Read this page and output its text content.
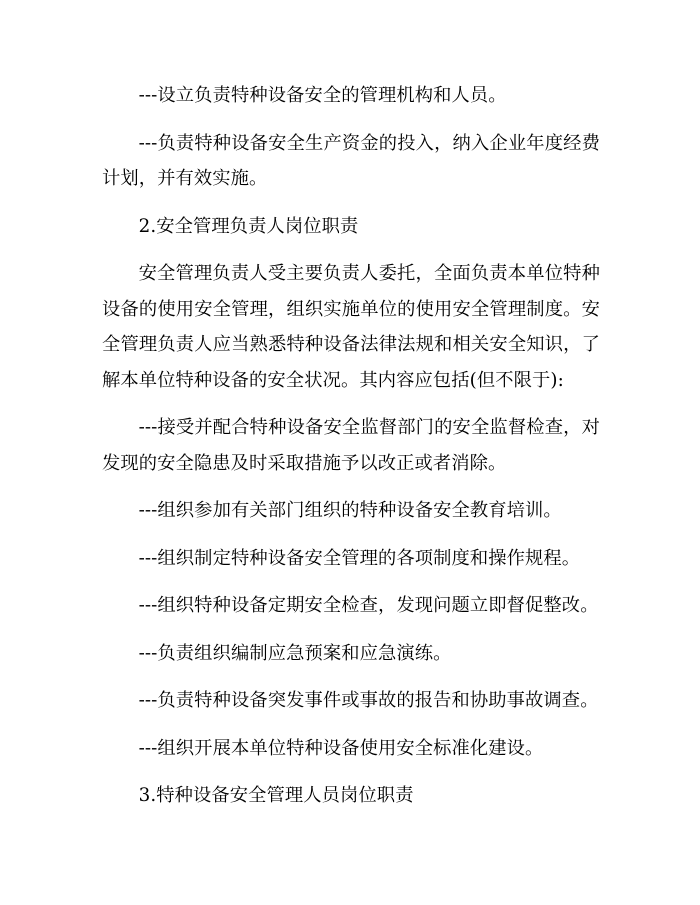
---设立负责特种设备安全的管理机构和人员。

---负责特种设备安全生产资金的投入，纳入企业年度经费计划，并有效实施。

2.安全管理负责人岗位职责

安全管理负责人受主要负责人委托，全面负责本单位特种设备的使用安全管理，组织实施单位的使用安全管理制度。安全管理负责人应当熟悉特种设备法律法规和相关安全知识，了解本单位特种设备的安全状况。其内容应包括(但不限于):

---接受并配合特种设备安全监督部门的安全监督检查，对发现的安全隐患及时采取措施予以改正或者消除。

---组织参加有关部门组织的特种设备安全教育培训。

---组织制定特种设备安全管理的各项制度和操作规程。

---组织特种设备定期安全检查，发现问题立即督促整改。

---负责组织编制应急预案和应急演练。

---负责特种设备突发事件或事故的报告和协助事故调查。

---组织开展本单位特种设备使用安全标准化建设。

3.特种设备安全管理人员岗位职责
